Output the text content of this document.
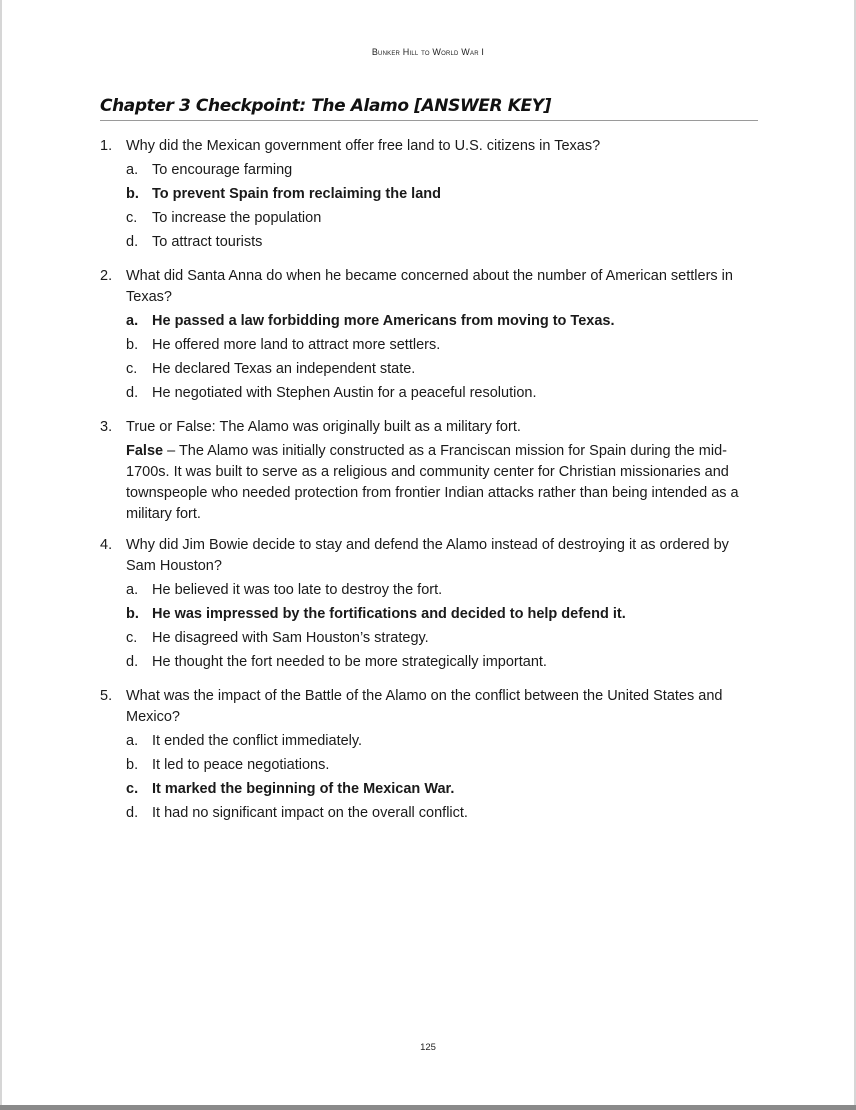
Bunker Hill to World War I
Chapter 3 Checkpoint: The Alamo [ANSWER KEY]
1. Why did the Mexican government offer free land to U.S. citizens in Texas?
a. To encourage farming
b. To prevent Spain from reclaiming the land
c.	To increase the population
d. To attract tourists
2. What did Santa Anna do when he became concerned about the number of American settlers in Texas?
a. He passed a law forbidding more Americans from moving to Texas.
b. He offered more land to attract more settlers.
c.	He declared Texas an independent state.
d. He negotiated with Stephen Austin for a peaceful resolution.
3. True or False: The Alamo was originally built as a military fort.
False – The Alamo was initially constructed as a Franciscan mission for Spain during the mid-1700s. It was built to serve as a religious and community center for Christian missionaries and townspeople who needed protection from frontier Indian attacks rather than being intended as a military fort.
4. Why did Jim Bowie decide to stay and defend the Alamo instead of destroying it as ordered by Sam Houston?
a. He believed it was too late to destroy the fort.
b. He was impressed by the fortifications and decided to help defend it.
c.	He disagreed with Sam Houston’s strategy.
d. He thought the fort needed to be more strategically important.
5. What was the impact of the Battle of the Alamo on the conflict between the United States and Mexico?
a. It ended the conflict immediately.
b. It led to peace negotiations.
c. It marked the beginning of the Mexican War.
d. It had no significant impact on the overall conflict.
125
